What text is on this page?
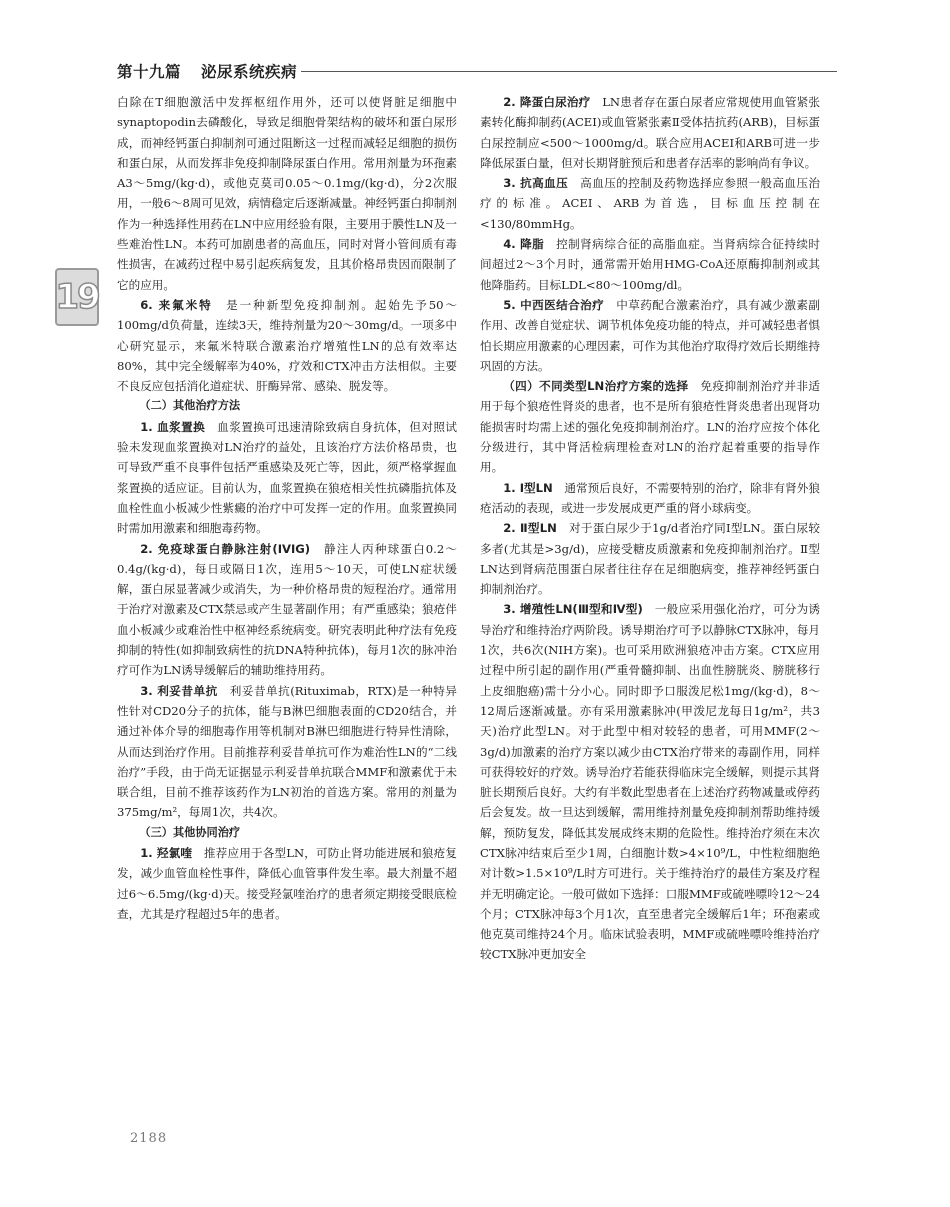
第十九篇 泌尿系统疾病
19

白除在T细胞激活中发挥枢纽作用外，还可以使肾脏足细胞中synaptopodin去磷酸化，导致足细胞骨架结构的破坏和蛋白尿形成，而神经钙蛋白抑制剂可通过阻断这一过程而减轻足细胞的损伤和蛋白尿，从而发挥非免疫抑制降尿蛋白作用。常用剂量为环孢素A3～5mg/(kg·d)，或他克莫司0.05～0.1mg/(kg·d)，分2次服用，一般6～8周可见效，病情稳定后逐渐减量。神经钙蛋白抑制剂作为一种选择性用药在LN中应用经验有限，主要用于膜性LN及一些难治性LN。本药可加剧患者的高血压，同时对肾小管间质有毒性损害，在减药过程中易引起疾病复发，且其价格昂贵因而限制了它的应用。

6. 来氟米特　是一种新型免疫抑制剂。起始先予50～100mg/d负荷量，连续3天，维持剂量为20～30mg/d。一项多中心研究显示，来氟米特联合激素治疗增殖性LN的总有效率达80%，其中完全缓解率为40%，疗效和CTX冲击方法相似。主要不良反应包括消化道症状、肝酶异常、感染、脱发等。

（二）其他治疗方法

1. 血浆置换　血浆置换可迅速清除致病自身抗体，但对照试验未发现血浆置换对LN治疗的益处，且该治疗方法价格昂贵，也可导致严重不良事件包括严重感染及死亡等，因此，须严格掌握血浆置换的适应证。目前认为，血浆置换在狼疮相关性抗磷脂抗体及血栓性血小板减少性紫癜的治疗中可发挥一定的作用。血浆置换同时需加用激素和细胞毒药物。

2. 免疫球蛋白静脉注射(IVIG)　静注人丙种球蛋白0.2～0.4g/(kg·d)，每日或隔日1次，连用5～10天，可使LN症状缓解，蛋白尿显著减少或消失，为一种价格昂贵的短程治疗。通常用于治疗对激素及CTX禁忌或产生显著副作用；有严重感染；狼疮伴血小板减少或难治性中枢神经系统病变。研究表明此种疗法有免疫抑制的特性(如抑制致病性的抗DNA特种抗体)，每月1次的脉冲治疗可作为LN诱导缓解后的辅助维持用药。

3. 利妥昔单抗　利妥昔单抗(Rituximab，RTX)是一种特异性针对CD20分子的抗体，能与B淋巴细胞表面的CD20结合，并通过补体介导的细胞毒作用等机制对B淋巴细胞进行特异性清除，从而达到治疗作用。目前推荐利妥昔单抗可作为难治性LN的“二线治疗”手段，由于尚无证据显示利妥昔单抗联合MMF和激素优于未联合组，目前不推荐该药作为LN初治的首选方案。常用的剂量为375mg/m²，每周1次，共4次。

（三）其他协同治疗

1. 羟氯喹　推荐应用于各型LN，可防止肾功能进展和狼疮复发，减少血管血栓性事件，降低心血管事件发生率。最大剂量不超过6～6.5mg/(kg·d)天。接受羟氯喹治疗的患者须定期接受眼底检查，尤其是疗程超过5年的患者。

2. 降蛋白尿治疗　LN患者存在蛋白尿者应常规使用血管紧张素转化酶抑制药(ACEI)或血管紧张素Ⅱ受体拮抗药(ARB)，目标蛋白尿控制应<500～1000mg/d。联合应用ACEI和ARB可进一步降低尿蛋白量，但对长期肾脏预后和患者存活率的影响尚有争议。

3. 抗高血压　高血压的控制及药物选择应参照一般高血压治疗的标准。ACEI、ARB为首选，目标血压控制在<130/80mmHg。

4. 降脂　控制肾病综合征的高脂血症。当肾病综合征持续时间超过2～3个月时，通常需开始用HMG-CoA还原酶抑制剂或其他降脂药。目标LDL<80～100mg/dl。

5. 中西医结合治疗　中草药配合激素治疗，具有减少激素副作用、改善自觉症状、调节机体免疫功能的特点，并可减轻患者惧怕长期应用激素的心理因素，可作为其他治疗取得疗效后长期维持巩固的方法。

（四）不同类型LN治疗方案的选择　免疫抑制剂治疗并非适用于每个狼疮性肾炎的患者，也不是所有狼疮性肾炎患者出现肾功能损害时均需上述的强化免疫抑制剂治疗。LN的治疗应按个体化分级进行，其中肾活检病理检查对LN的治疗起着重要的指导作用。

1. Ⅰ型LN　通常预后良好，不需要特别的治疗，除非有肾外狼疮活动的表现，或进一步发展成更严重的肾小球病变。

2. Ⅱ型LN　对于蛋白尿少于1g/d者治疗同Ⅰ型LN。蛋白尿较多者(尤其是>3g/d)，应接受糖皮质激素和免疫抑制剂治疗。Ⅱ型LN达到肾病范围蛋白尿者往往存在足细胞病变，推荐神经钙蛋白抑制剂治疗。

3. 增殖性LN(Ⅲ型和Ⅳ型)　一般应采用强化治疗，可分为诱导治疗和维持治疗两阶段。诱导期治疗可予以静脉CTX脉冲，每月1次，共6次(NIH方案)。也可采用欧洲狼疮冲击方案。CTX应用过程中所引起的副作用(严重骨髓抑制、出血性膀胱炎、膀胱移行上皮细胞癌)需十分小心。同时即予口服泼尼松1mg/(kg·d)，8～12周后逐渐减量。亦有采用激素脉冲(甲泼尼龙每日1g/m²，共3天)治疗此型LN。对于此型中相对较轻的患者，可用MMF(2～3g/d)加激素的治疗方案以减少由CTX治疗带来的毒副作用，同样可获得较好的疗效。诱导治疗若能获得临床完全缓解，则提示其肾脏长期预后良好。大约有半数此型患者在上述治疗药物减量或停药后会复发。故一旦达到缓解，需用维持剂量免疫抑制剂帮助维持缓解，预防复发，降低其发展成终末期的危险性。维持治疗须在末次CTX脉冲结束后至少1周，白细胞计数>4×10⁹/L，中性粒细胞绝对计数>1.5×10⁹/L时方可进行。关于维持治疗的最佳方案及疗程并无明确定论。一般可做如下选择：口服MMF或硫唑嘌呤12～24个月；CTX脉冲每3个月1次，直至患者完全缓解后1年；环孢素或他克莫司维持24个月。临床试验表明，MMF或硫唑嘌呤维持治疗较CTX脉冲更加安全

2188
